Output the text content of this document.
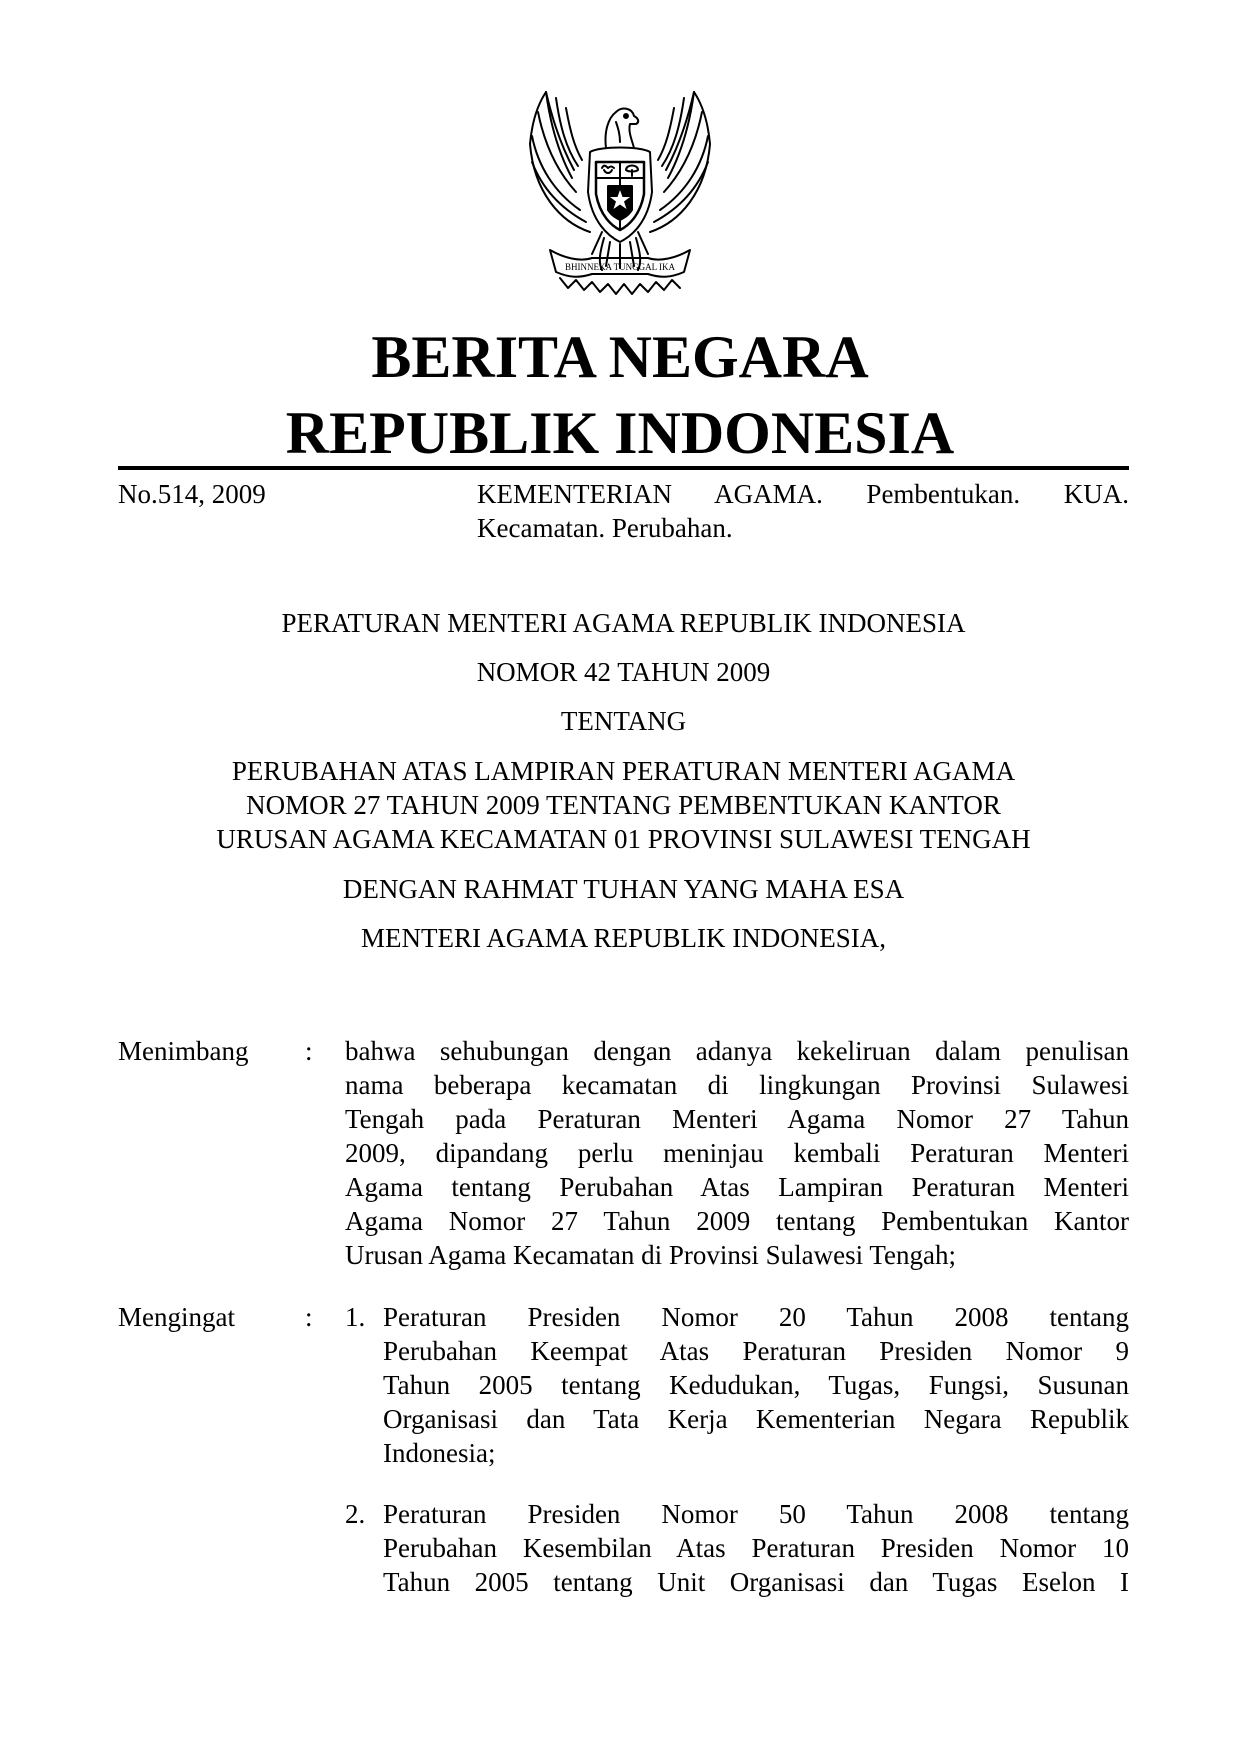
BHINNEKA TUNGGAL IKA
BERITA NEGARA
REPUBLIK INDONESIA
No.514, 2009	KEMENTERIAN AGAMA. Pembentukan. KUA.
Kecamatan. Perubahan.
PERATURAN MENTERI AGAMA REPUBLIK INDONESIA
NOMOR 42 TAHUN 2009
TENTANG
PERUBAHAN ATAS LAMPIRAN PERATURAN MENTERI AGAMA
NOMOR 27 TAHUN 2009 TENTANG PEMBENTUKAN KANTOR
URUSAN AGAMA KECAMATAN 01 PROVINSI SULAWESI TENGAH
DENGAN RAHMAT TUHAN YANG MAHA ESA
MENTERI AGAMA REPUBLIK INDONESIA,
Menimbang : bahwa sehubungan dengan adanya kekeliruan dalam penulisan
nama beberapa kecamatan di lingkungan Provinsi Sulawesi
Tengah pada Peraturan Menteri Agama Nomor 27 Tahun
2009, dipandang perlu meninjau kembali Peraturan Menteri
Agama tentang Perubahan Atas Lampiran Peraturan Menteri
Agama Nomor 27 Tahun 2009 tentang Pembentukan Kantor
Urusan Agama Kecamatan di Provinsi Sulawesi Tengah;
Mengingat	: 1. Peraturan Presiden Nomor 20 Tahun 2008 tentang
Perubahan Keempat Atas Peraturan Presiden Nomor 9
Tahun 2005 tentang Kedudukan, Tugas, Fungsi, Susunan
Organisasi dan Tata Kerja Kementerian Negara Republik
Indonesia;
2. Peraturan Presiden Nomor 50 Tahun 2008 tentang
Perubahan Kesembilan Atas Peraturan Presiden Nomor 10
Tahun 2005 tentang Unit Organisasi dan Tugas Eselon I
